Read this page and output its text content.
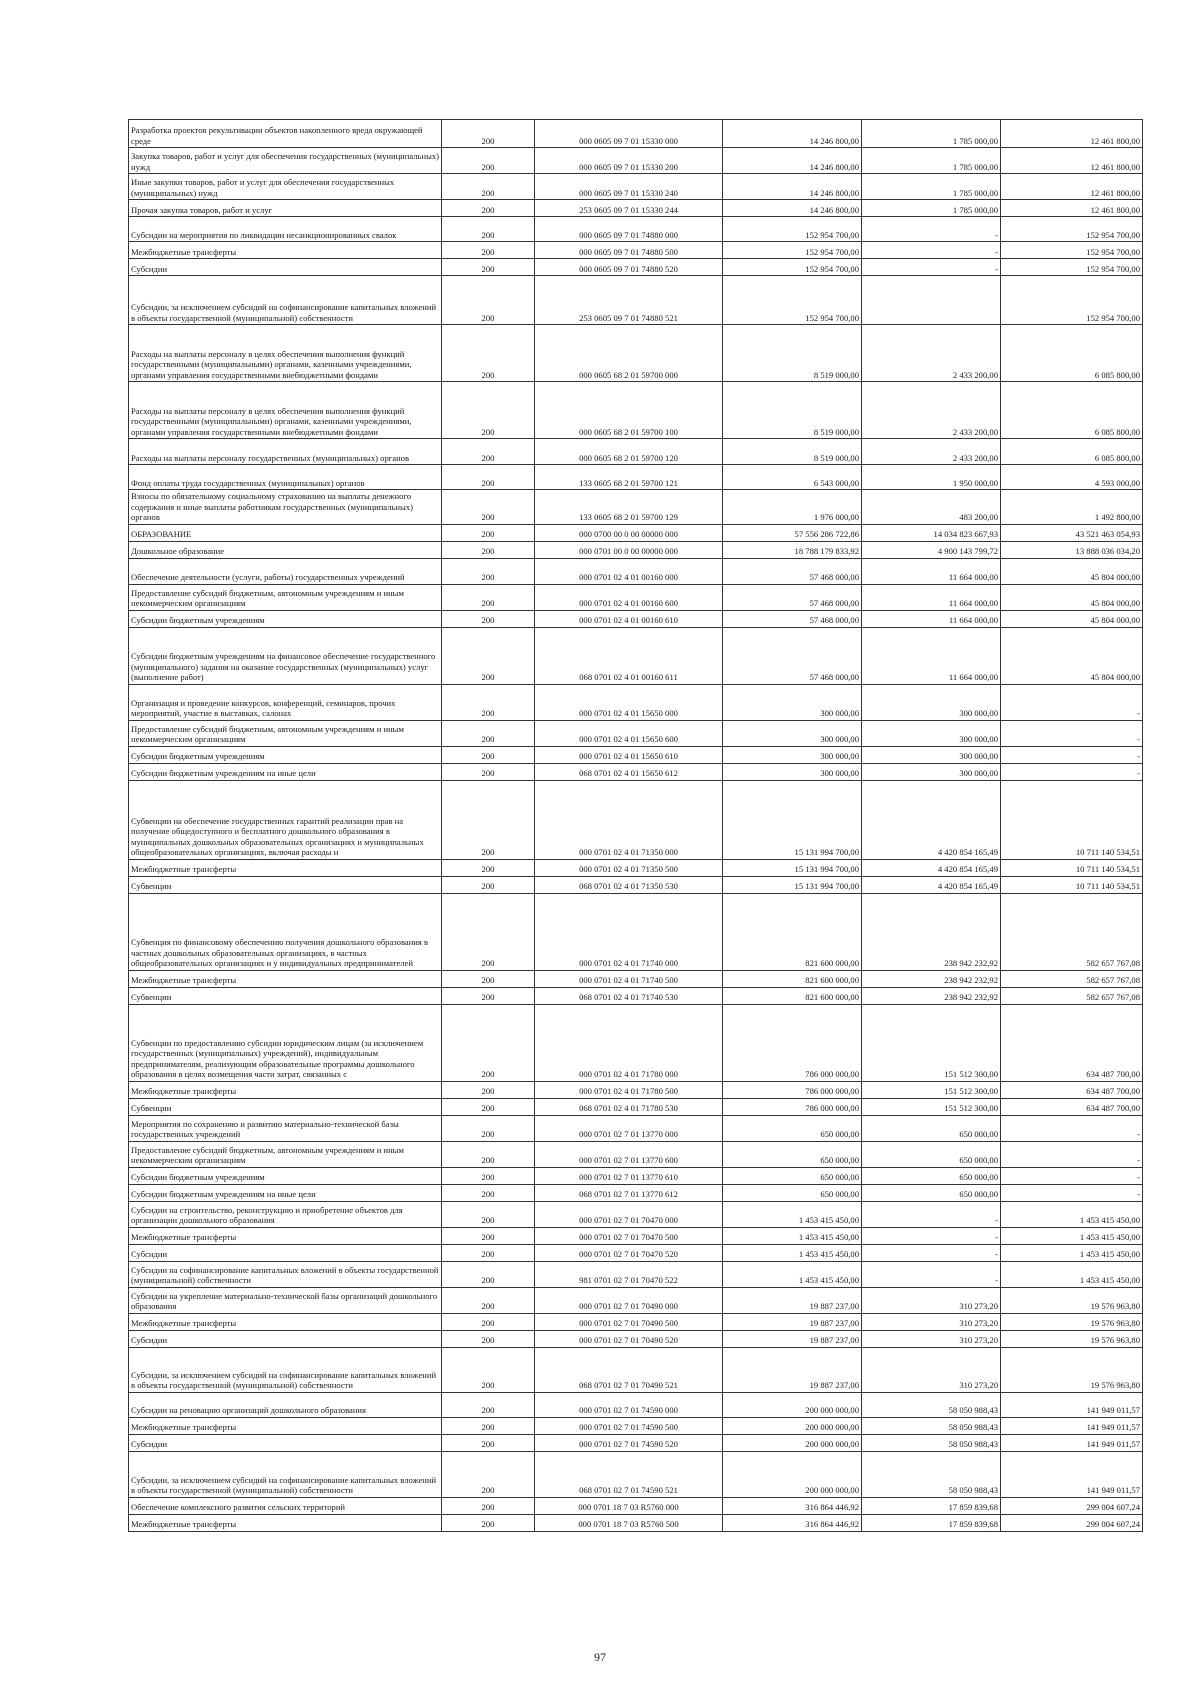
Разработка проектов рекультивации объектов накопленного вреда окружающей среде	200	000 0605 09 7 01 15330 000	14 246 800,00	1 785 000,00	12 461 800,00
Закупка товаров, работ и услуг для обеспечения государственных (муниципальных) нужд	200	000 0605 09 7 01 15330 200	14 246 800,00	1 785 000,00	12 461 800,00
Иные закупки товаров, работ и услуг для обеспечения государственных (муниципальных) нужд	200	000 0605 09 7 01 15330 240	14 246 800,00	1 785 000,00	12 461 800,00
Прочая закупка товаров, работ и услуг	200	253 0605 09 7 01 15330 244	14 246 800,00	1 785 000,00	12 461 800,00
Субсидии на мероприятия по ликвидации несанкционированных свалок	200	000 0605 09 7 01 74880 000	152 954 700,00	-	152 954 700,00
Межбюджетные трансферты	200	000 0605 09 7 01 74880 500	152 954 700,00	-	152 954 700,00
Субсидии	200	000 0605 09 7 01 74880 520	152 954 700,00	-	152 954 700,00
Субсидии, за исключением субсидий на софинансирование капитальных вложений в объекты государственной (муниципальной) собственности	200	253 0605 09 7 01 74880 521	152 954 700,00		152 954 700,00
Расходы на выплаты персоналу в целях обеспечения выполнения функций государственными (муниципальными) органами, казенными учреждениями, органами управления государственными внебюджетными фондами	200	000 0605 68 2 01 59700 000	8 519 000,00	2 433 200,00	6 085 800,00
Расходы на выплаты персоналу в целях обеспечения выполнения функций государственными (муниципальными) органами, казенными учреждениями, органами управления государственными внебюджетными фондами	200	000 0605 68 2 01 59700 100	8 519 000,00	2 433 200,00	6 085 800,00
Расходы на выплаты персоналу государственных (муниципальных) органов	200	000 0605 68 2 01 59700 120	8 519 000,00	2 433 200,00	6 085 800,00
Фонд оплаты труда государственных (муниципальных) органов	200	133 0605 68 2 01 59700 121	6 543 000,00	1 950 000,00	4 593 000,00
Взносы по обязательному социальному страхованию на выплаты денежного содержания и иные выплаты работникам государственных (муниципальных) органов	200	133 0605 68 2 01 59700 129	1 976 000,00	483 200,00	1 492 800,00
ОБРАЗОВАНИЕ	200	000 0700 00 0 00 00000 000	57 556 286 722,86	14 034 823 667,93	43 521 463 054,93
Дошкольное образование	200	000 0701 00 0 00 00000 000	18 788 179 833,92	4 900 143 799,72	13 888 036 034,20
Обеспечение деятельности (услуги, работы) государственных учреждений	200	000 0701 02 4 01 00160 000	57 468 000,00	11 664 000,00	45 804 000,00
Предоставление субсидий бюджетным, автономным учреждениям и иным некоммерческим организациям	200	000 0701 02 4 01 00160 600	57 468 000,00	11 664 000,00	45 804 000,00
Субсидии бюджетным учреждениям	200	000 0701 02 4 01 00160 610	57 468 000,00	11 664 000,00	45 804 000,00
Субсидии бюджетным учреждениям на финансовое обеспечение государственного (муниципального) задания на оказание государственных (муниципальных) услуг (выполнение работ)	200	068 0701 02 4 01 00160 611	57 468 000,00	11 664 000,00	45 804 000,00
Организация и проведение конкурсов, конференций, семинаров, прочих мероприятий, участие в выставках, салонах	200	000 0701 02 4 01 15650 000	300 000,00	300 000,00	-
Предоставление субсидий бюджетным, автономным учреждениям и иным некоммерческим организациям	200	000 0701 02 4 01 15650 600	300 000,00	300 000,00	-
Субсидии бюджетным учреждениям	200	000 0701 02 4 01 15650 610	300 000,00	300 000,00	-
Субсидии бюджетным учреждениям на иные цели	200	068 0701 02 4 01 15650 612	300 000,00	300 000,00	-
Субвенции на обеспечение государственных гарантий реализации прав на получение общедоступного и бесплатного дошкольного образования в муниципальных дошкольных образовательных организациях и муниципальных общеобразовательных организациях, включая расходы н	200	000 0701 02 4 01 71350 000	15 131 994 700,00	4 420 854 165,49	10 711 140 534,51
Межбюджетные трансферты	200	000 0701 02 4 01 71350 500	15 131 994 700,00	4 420 854 165,49	10 711 140 534,51
Субвенции	200	068 0701 02 4 01 71350 530	15 131 994 700,00	4 420 854 165,49	10 711 140 534,51
Субвенция по финансовому обеспечению получения дошкольного образования в частных дошкольных образовательных организациях, в частных общеобразовательных организациях и у индивидуальных предпринимателей	200	000 0701 02 4 01 71740 000	821 600 000,00	238 942 232,92	582 657 767,08
Межбюджетные трансферты	200	000 0701 02 4 01 71740 500	821 600 000,00	238 942 232,92	582 657 767,08
Субвенции	200	068 0701 02 4 01 71740 530	821 600 000,00	238 942 232,92	582 657 767,08
Субвенции по предоставлению субсидии юридическим лицам (за исключением государственных (муниципальных) учреждений), индивидуальным предпринимателям, реализующим образовательные программы дошкольного образования в целях возмещения части затрат, связанных с	200	000 0701 02 4 01 71780 000	786 000 000,00	151 512 300,00	634 487 700,00
Межбюджетные трансферты	200	000 0701 02 4 01 71780 500	786 000 000,00	151 512 300,00	634 487 700,00
Субвенции	200	068 0701 02 4 01 71780 530	786 000 000,00	151 512 300,00	634 487 700,00
Мероприятия по сохранению и развитию материально-технической базы государственных учреждений	200	000 0701 02 7 01 13770 000	650 000,00	650 000,00	-
Предоставление субсидий бюджетным, автономным учреждениям и иным некоммерческим организациям	200	000 0701 02 7 01 13770 600	650 000,00	650 000,00	-
Субсидии бюджетным учреждениям	200	000 0701 02 7 01 13770 610	650 000,00	650 000,00	-
Субсидии бюджетным учреждениям на иные цели	200	068 0701 02 7 01 13770 612	650 000,00	650 000,00	-
Субсидии на строительство, реконструкцию и приобретение объектов для организации дошкольного образования	200	000 0701 02 7 01 70470 000	1 453 415 450,00	-	1 453 415 450,00
Межбюджетные трансферты	200	000 0701 02 7 01 70470 500	1 453 415 450,00	-	1 453 415 450,00
Субсидии	200	000 0701 02 7 01 70470 520	1 453 415 450,00	-	1 453 415 450,00
Субсидии на софинансирование капитальных вложений в объекты государственной (муниципальной) собственности	200	981 0701 02 7 01 70470 522	1 453 415 450,00	-	1 453 415 450,00
Субсидии на укрепление материально-технической базы организаций дошкольного образования	200	000 0701 02 7 01 70490 000	19 887 237,00	310 273,20	19 576 963,80
Межбюджетные трансферты	200	000 0701 02 7 01 70490 500	19 887 237,00	310 273,20	19 576 963,80
Субсидии	200	000 0701 02 7 01 70490 520	19 887 237,00	310 273,20	19 576 963,80
Субсидии, за исключением субсидий на софинансирование капитальных вложений в объекты государственной (муниципальной) собственности	200	068 0701 02 7 01 70490 521	19 887 237,00	310 273,20	19 576 963,80
Субсидии на реновацию организаций дошкольного образования	200	000 0701 02 7 01 74590 000	200 000 000,00	58 050 988,43	141 949 011,57
Межбюджетные трансферты	200	000 0701 02 7 01 74590 500	200 000 000,00	58 050 988,43	141 949 011,57
Субсидии	200	000 0701 02 7 01 74590 520	200 000 000,00	58 050 988,43	141 949 011,57
Субсидии, за исключением субсидий на софинансирование капитальных вложений в объекты государственной (муниципальной) собственности	200	068 0701 02 7 01 74590 521	200 000 000,00	58 050 988,43	141 949 011,57
Обеспечение комплексного развития сельских территорий	200	000 0701 18 7 03 R5760 000	316 864 446,92	17 859 839,68	299 004 607,24
Межбюджетные трансферты	200	000 0701 18 7 03 R5760 500	316 864 446,92	17 859 839,68	299 004 607,24
97
